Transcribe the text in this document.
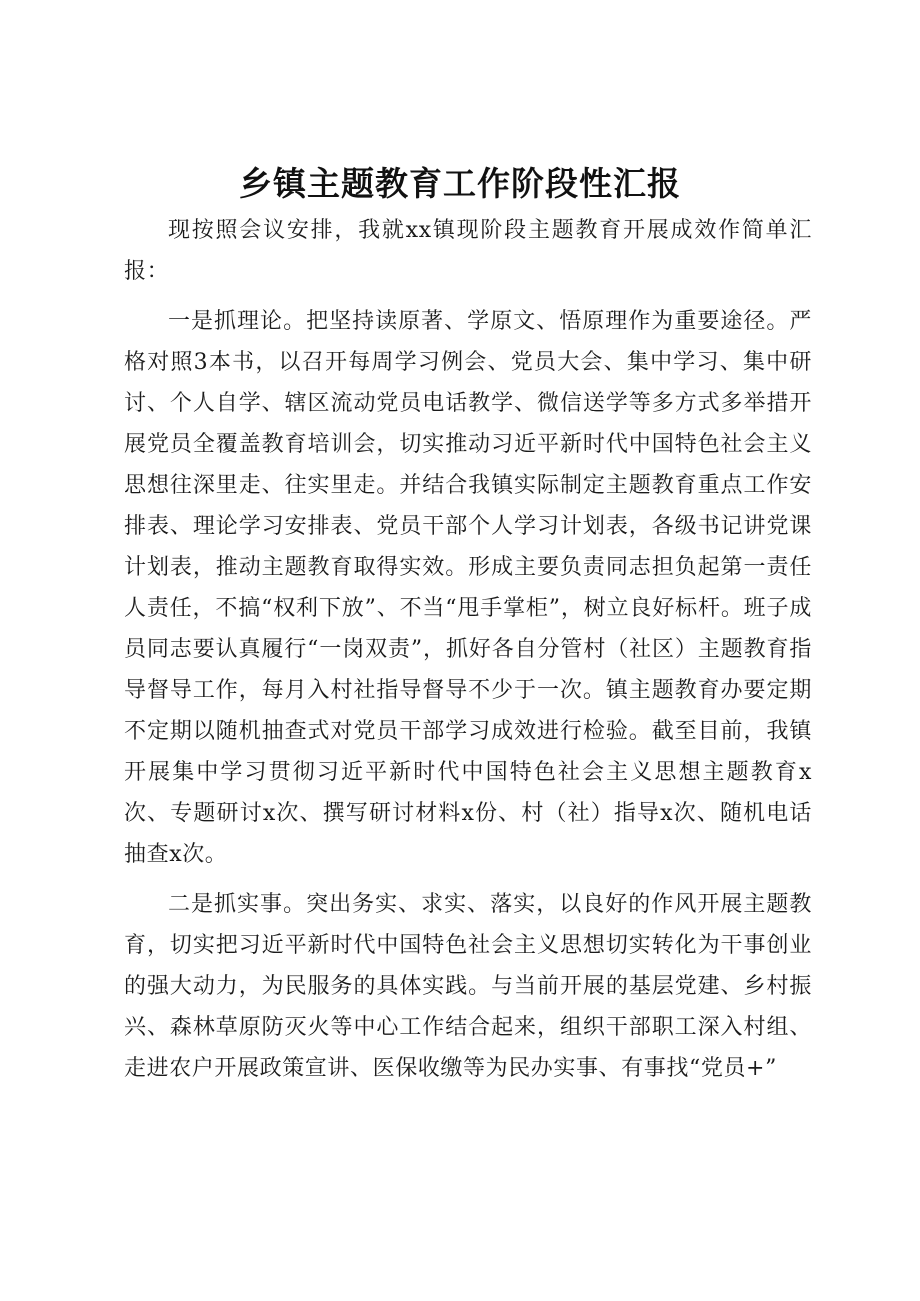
乡镇主题教育工作阶段性汇报

现按照会议安排，我就xx镇现阶段主题教育开展成效作简单汇报：

一是抓理论。把坚持读原著、学原文、悟原理作为重要途径。严格对照3本书，以召开每周学习例会、党员大会、集中学习、集中研讨、个人自学、辖区流动党员电话教学、微信送学等多方式多举措开展党员全覆盖教育培训会，切实推动习近平新时代中国特色社会主义思想往深里走、往实里走。并结合我镇实际制定主题教育重点工作安排表、理论学习安排表、党员干部个人学习计划表，各级书记讲党课计划表，推动主题教育取得实效。形成主要负责同志担负起第一责任人责任，不搞“权利下放”、不当“甩手掌柜”，树立良好标杆。班子成员同志要认真履行“一岗双责”，抓好各自分管村（社区）主题教育指导督导工作，每月入村社指导督导不少于一次。镇主题教育办要定期不定期以随机抽查式对党员干部学习成效进行检验。截至目前，我镇开展集中学习贯彻习近平新时代中国特色社会主义思想主题教育x次、专题研讨x次、撰写研讨材料x份、村（社）指导x次、随机电话抽查x次。

二是抓实事。突出务实、求实、落实，以良好的作风开展主题教育，切实把习近平新时代中国特色社会主义思想切实转化为干事创业的强大动力，为民服务的具体实践。与当前开展的基层党建、乡村振兴、森林草原防灭火等中心工作结合起来，组织干部职工深入村组、走进农户开展政策宣讲、医保收缴等为民办实事、有事找“党员+”
